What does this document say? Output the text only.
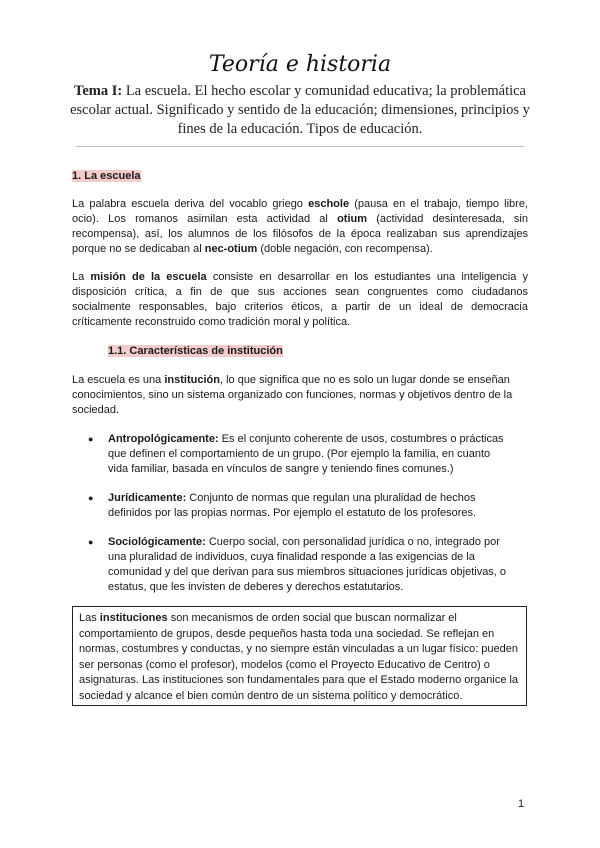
Teoría e historia
Tema I: La escuela. El hecho escolar y comunidad educativa; la problemática escolar actual. Significado y sentido de la educación; dimensiones, principios y fines de la educación. Tipos de educación.
1. La escuela
La palabra escuela deriva del vocablo griego eschole (pausa en el trabajo, tiempo libre, ocio). Los romanos asimilan esta actividad al otium (actividad desinteresada, sin recompensa), así, los alumnos de los filósofos de la época realizaban sus aprendizajes porque no se dedicaban al nec-otium (doble negación, con recompensa).
La misión de la escuela consiste en desarrollar en los estudiantes una inteligencia y disposición crítica, a fin de que sus acciones sean congruentes como ciudadanos socialmente responsables, bajo criterios éticos, a partir de un ideal de democracia críticamente reconstruido como tradición moral y política.
1.1. Características de institución
La escuela es una institución, lo que significa que no es solo un lugar donde se enseñan conocimientos, sino un sistema organizado con funciones, normas y objetivos dentro de la sociedad.
● Antropológicamente: Es el conjunto coherente de usos, costumbres o prácticas que definen el comportamiento de un grupo. (Por ejemplo la familia, en cuanto vida familiar, basada en vínculos de sangre y teniendo fines comunes.)
● Jurídicamente: Conjunto de normas que regulan una pluralidad de hechos definidos por las propias normas. Por ejemplo el estatuto de los profesores.
● Sociológicamente: Cuerpo social, con personalidad jurídica o no, integrado por una pluralidad de individuos, cuya finalidad responde a las exigencias de la comunidad y del que derivan para sus miembros situaciones jurídicas objetivas, o estatus, que les invisten de deberes y derechos estatutarios.
Las instituciones son mecanismos de orden social que buscan normalizar el comportamiento de grupos, desde pequeños hasta toda una sociedad. Se reflejan en normas, costumbres y conductas, y no siempre están vinculadas a un lugar físico: pueden ser personas (como el profesor), modelos (como el Proyecto Educativo de Centro) o asignaturas. Las instituciones son fundamentales para que el Estado moderno organice la sociedad y alcance el bien común dentro de un sistema político y democrático.
1
